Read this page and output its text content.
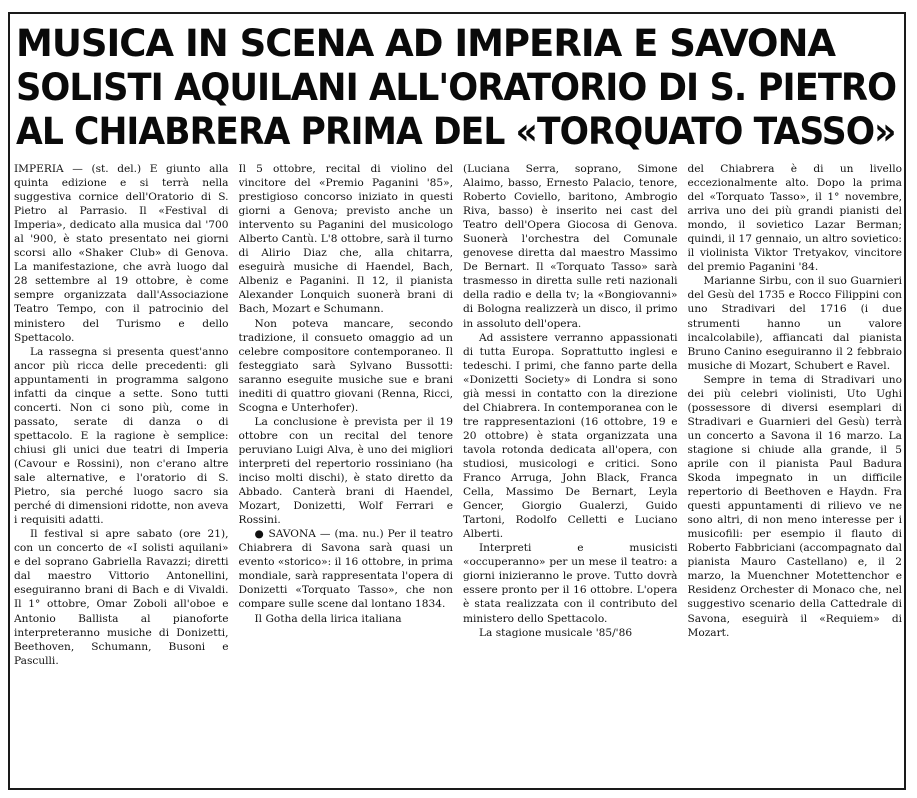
MUSICA IN SCENA AD IMPERIA E SAVONA
SOLISTI AQUILANI ALL'ORATORIO DI S. PIETRO
AL CHIABRERA PRIMA DEL «TORQUATO TASSO»

IMPERIA — (st. del.) E giunto alla quinta edizione e si terrà nella suggestiva cornice dell'Oratorio di S. Pietro al Parrasio. Il «Festival di Imperia», dedicato alla musica dal '700 al '900, è stato presentato nei giorni scorsi allo «Shaker Club» di Genova. La manifestazione, che avrà luogo dal 28 settembre al 19 ottobre, è come sempre organizzata dall'Associazione Teatro Tempo, con il patrocinio del ministero del Turismo e dello Spettacolo.

La rassegna si presenta quest'anno ancor più ricca delle precedenti: gli appuntamenti in programma salgono infatti da cinque a sette. Sono tutti concerti. Non ci sono più, come in passato, serate di danza o di spettacolo. E la ragione è semplice: chiusi gli unici due teatri di Imperia (Cavour e Rossini), non c'erano altre sale alternative, e l'oratorio di S. Pietro, sia perché luogo sacro sia perché di dimensioni ridotte, non aveva i requisiti adatti.

Il festival si apre sabato (ore 21), con un concerto de «I solisti aquilani» e del soprano Gabriella Ravazzi; diretti dal maestro Vittorio Antonellini, eseguiranno brani di Bach e di Vivaldi. Il 1° ottobre, Omar Zoboli all'oboe e Antonio Ballista al pianoforte interpreteranno musiche di Donizetti, Beethoven, Schumann, Busoni e Pasculli.

Il 5 ottobre, recital di violino del vincitore del «Premio Paganini '85», prestigioso concorso iniziato in questi giorni a Genova; previsto anche un intervento su Paganini del musicologo Alberto Cantù. L'8 ottobre, sarà il turno di Alirio Diaz che, alla chitarra, eseguirà musiche di Haendel, Bach, Albeniz e Paganini. Il 12, il pianista Alexander Lonquich suonerà brani di Bach, Mozart e Schumann.

Non poteva mancare, secondo tradizione, il consueto omaggio ad un celebre compositore contemporaneo. Il festeggiato sarà Sylvano Bussotti: saranno eseguite musiche sue e brani inediti di quattro giovani (Renna, Ricci, Scogna e Unterhofer).

La conclusione è prevista per il 19 ottobre con un recital del tenore peruviano Luigi Alva, è uno dei migliori interpreti del repertorio rossiniano (ha inciso molti dischi), è stato diretto da Abbado. Canterà brani di Haendel, Mozart, Donizetti, Wolf Ferrari e Rossini.

● SAVONA — (ma. nu.) Per il teatro Chiabrera di Savona sarà quasi un evento «storico»: il 16 ottobre, in prima mondiale, sarà rappresentata l'opera di Donizetti «Torquato Tasso», che non compare sulle scene dal lontano 1834.

Il Gotha della lirica italiana

(Luciana Serra, soprano, Simone Alaimo, basso, Ernesto Palacio, tenore, Roberto Coviello, baritono, Ambrogio Riva, basso) è inserito nei cast del Teatro dell'Opera Giocosa di Genova. Suonerà l'orchestra del Comunale genovese diretta dal maestro Massimo De Bernart. Il «Torquato Tasso» sarà trasmesso in diretta sulle reti nazionali della radio e della tv; la «Bongiovanni» di Bologna realizzerà un disco, il primo in assoluto dell'opera.

Ad assistere verranno appassionati di tutta Europa. Soprattutto inglesi e tedeschi. I primi, che fanno parte della «Donizetti Society» di Londra si sono già messi in contatto con la direzione del Chiabrera. In contemporanea con le tre rappresentazioni (16 ottobre, 19 e 20 ottobre) è stata organizzata una tavola rotonda dedicata all'opera, con studiosi, musicologi e critici. Sono Franco Arruga, John Black, Franca Cella, Massimo De Bernart, Leyla Gencer, Giorgio Gualerzi, Guido Tartoni, Rodolfo Celletti e Luciano Alberti.

Interpreti e musicisti «occuperanno» per un mese il teatro: a giorni inizieranno le prove. Tutto dovrà essere pronto per il 16 ottobre. L'opera è stata realizzata con il contributo del ministero dello Spettacolo.

La stagione musicale '85/'86

del Chiabrera è di un livello eccezionalmente alto. Dopo la prima del «Torquato Tasso», il 1° novembre, arriva uno dei più grandi pianisti del mondo, il sovietico Lazar Berman; quindi, il 17 gennaio, un altro sovietico: il violinista Viktor Tretyakov, vincitore del premio Paganini '84.

Marianne Sirbu, con il suo Guarnieri del Gesù del 1735 e Rocco Filippini con uno Stradivari del 1716 (i due strumenti hanno un valore incalcolabile), affiancati dal pianista Bruno Canino eseguiranno il 2 febbraio musiche di Mozart, Schubert e Ravel.

Sempre in tema di Stradivari uno dei più celebri violinisti, Uto Ughi (possessore di diversi esemplari di Stradivari e Guarnieri del Gesù) terrà un concerto a Savona il 16 marzo. La stagione si chiude alla grande, il 5 aprile con il pianista Paul Badura Skoda impegnato in un difficile repertorio di Beethoven e Haydn. Fra questi appuntamenti di rilievo ve ne sono altri, di non meno interesse per i musicofili: per esempio il flauto di Roberto Fabbriciani (accompagnato dal pianista Mauro Castellano) e, il 2 marzo, la Muenchner Motettenchor e Residenz Orchester di Monaco che, nel suggestivo scenario della Cattedrale di Savona, eseguirà il «Requiem» di Mozart.
